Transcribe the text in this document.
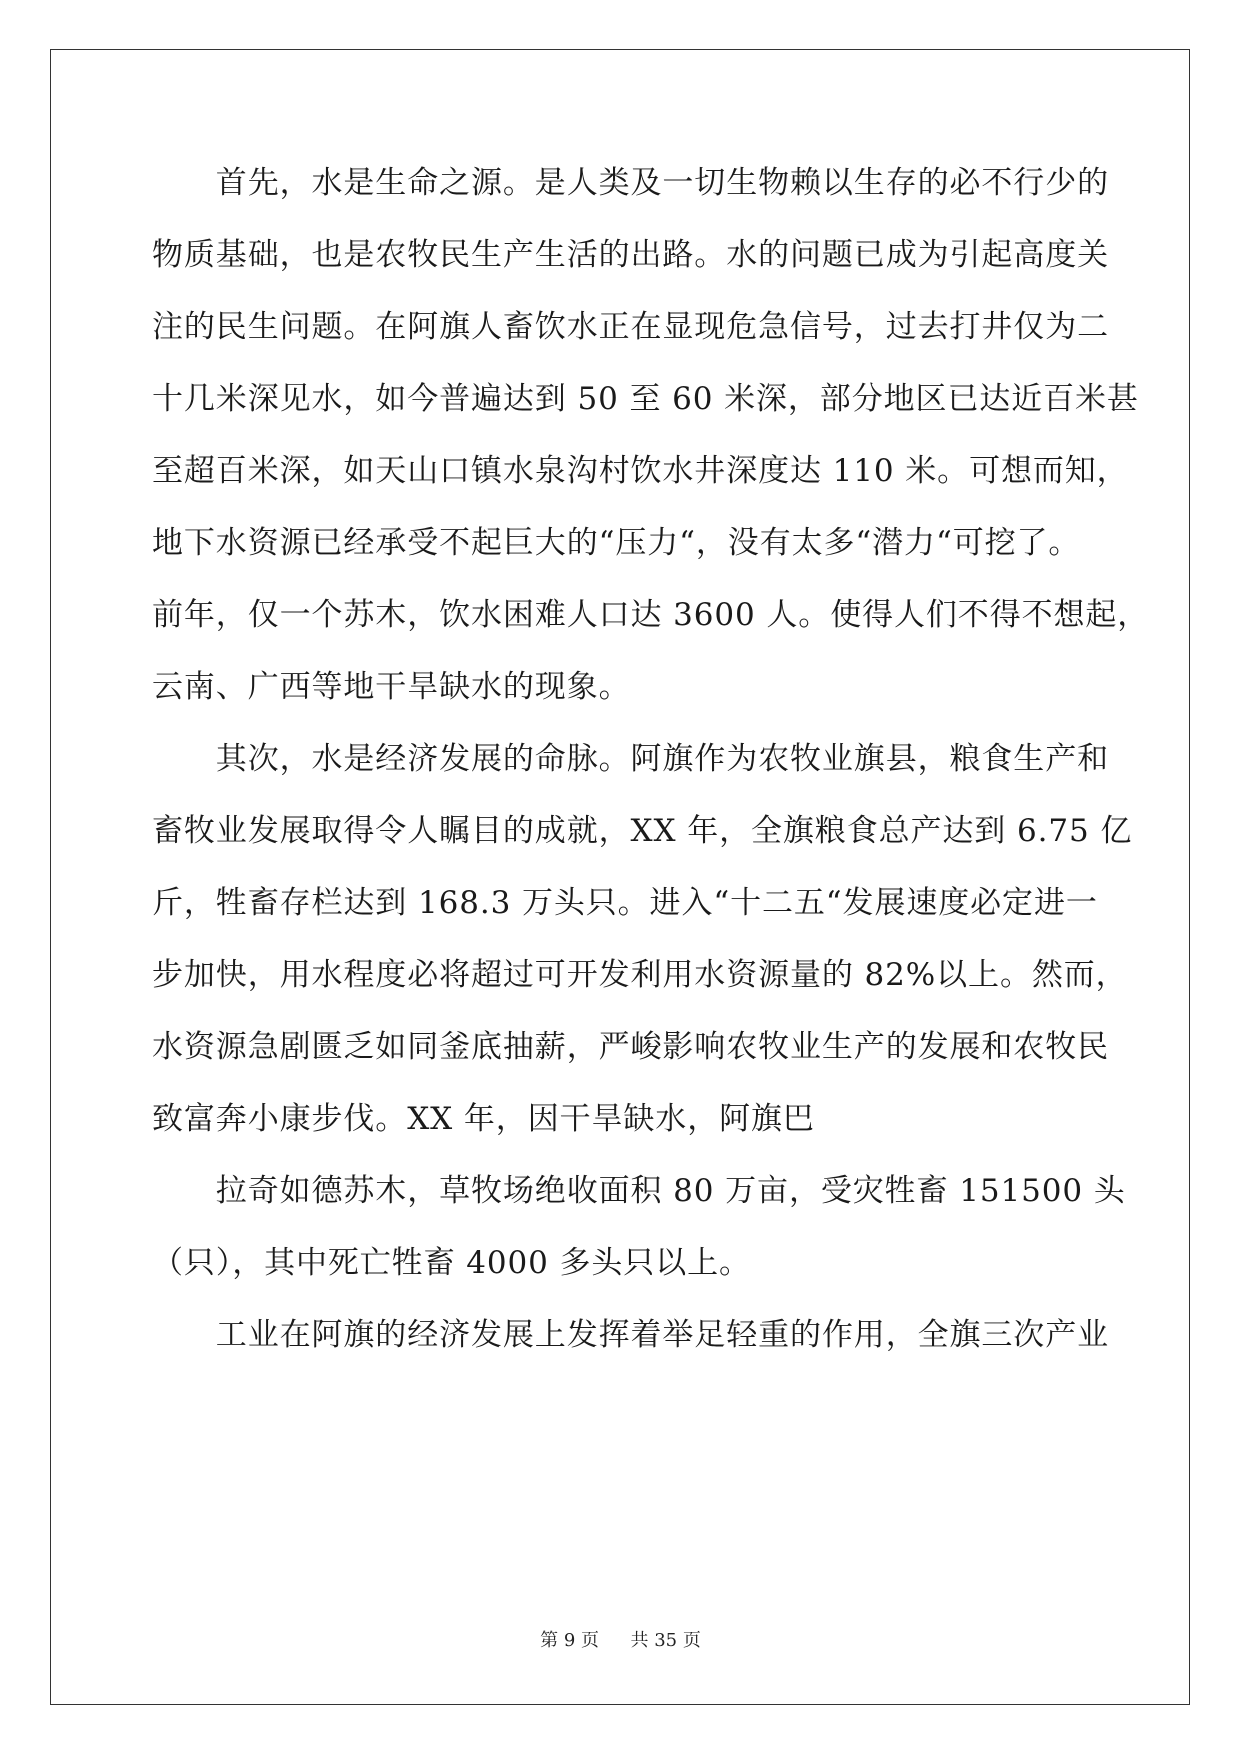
　　首先，水是生命之源。是人类及一切生物赖以生存的必不行少的
物质基础，也是农牧民生产生活的出路。水的问题已成为引起高度关
注的民生问题。在阿旗人畜饮水正在显现危急信号，过去打井仅为二
十几米深见水，如今普遍达到 50 至 60 米深，部分地区已达近百米甚
至超百米深，如天山口镇水泉沟村饮水井深度达 110 米。可想而知，
地下水资源已经承受不起巨大的“压力“，没有太多“潜力“可挖了。
前年，仅一个苏木，饮水困难人口达 3600 人。使得人们不得不想起，
云南、广西等地干旱缺水的现象。
　　其次，水是经济发展的命脉。阿旗作为农牧业旗县，粮食生产和
畜牧业发展取得令人瞩目的成就，XX 年，全旗粮食总产达到 6.75 亿
斤，牲畜存栏达到 168.3 万头只。进入“十二五“发展速度必定进一
步加快，用水程度必将超过可开发利用水资源量的 82%以上。然而，
水资源急剧匮乏如同釜底抽薪，严峻影响农牧业生产的发展和农牧民
致富奔小康步伐。XX 年，因干旱缺水，阿旗巴
　　拉奇如德苏木，草牧场绝收面积 80 万亩，受灾牲畜 151500 头
（只），其中死亡牲畜 4000 多头只以上。
　　工业在阿旗的经济发展上发挥着举足轻重的作用，全旗三次产业
第 9 页 共 35 页
